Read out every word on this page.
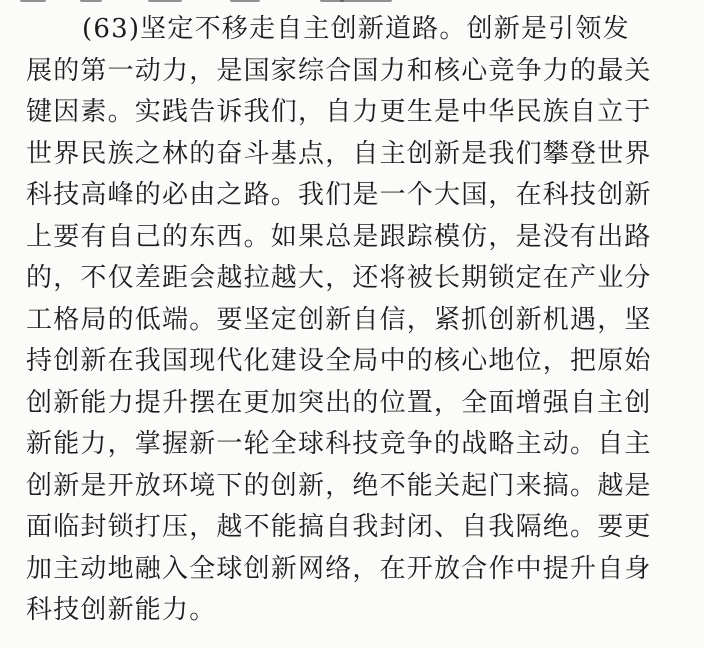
(63)坚定不移走自主创新道路。创新是引领发
展的第一动力，是国家综合国力和核心竞争力的最关
键因素。实践告诉我们，自力更生是中华民族自立于
世界民族之林的奋斗基点，自主创新是我们攀登世界
科技高峰的必由之路。我们是一个大国，在科技创新
上要有自己的东西。如果总是跟踪模仿，是没有出路
的，不仅差距会越拉越大，还将被长期锁定在产业分
工格局的低端。要坚定创新自信，紧抓创新机遇，坚
持创新在我国现代化建设全局中的核心地位，把原始
创新能力提升摆在更加突出的位置，全面增强自主创
新能力，掌握新一轮全球科技竞争的战略主动。自主
创新是开放环境下的创新，绝不能关起门来搞。越是
面临封锁打压，越不能搞自我封闭、自我隔绝。要更
加主动地融入全球创新网络，在开放合作中提升自身
科技创新能力。
